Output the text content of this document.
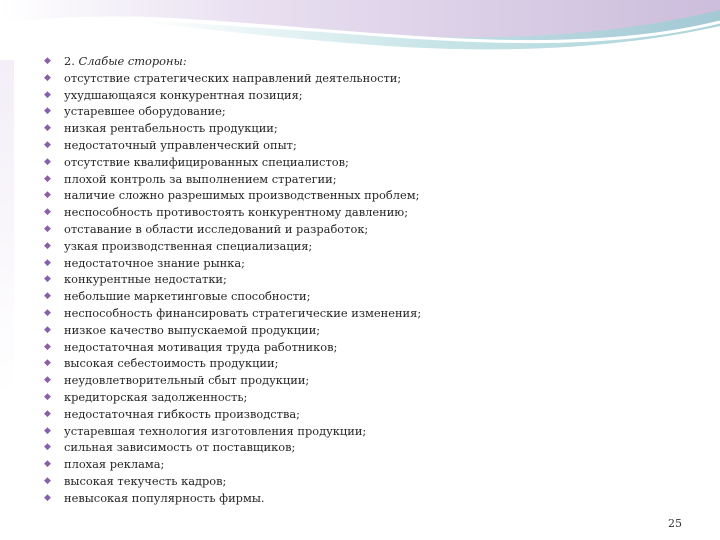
◆ 2. Слабые стороны:
◆ отсутствие стратегических направлений деятельности;
◆ ухудшающаяся конкурентная позиция;
◆ устаревшее оборудование;
◆ низкая рентабельность продукции;
◆ недостаточный управленческий опыт;
◆ отсутствие квалифицированных специалистов;
◆ плохой контроль за выполнением стратегии;
◆ наличие сложно разрешимых производственных проблем;
◆ неспособность противостоять конкурентному давлению;
◆ отставание в области исследований и разработок;
◆ узкая производственная специализация;
◆ недостаточное знание рынка;
◆ конкурентные недостатки;
◆ небольшие маркетинговые способности;
◆ неспособность финансировать стратегические изменения;
◆ низкое качество выпускаемой продукции;
◆ недостаточная мотивация труда работников;
◆ высокая себестоимость продукции;
◆ неудовлетворительный сбыт продукции;
◆ кредиторская задолженность;
◆ недостаточная гибкость производства;
◆ устаревшая технология изготовления продукции;
◆ сильная зависимость от поставщиков;
◆ плохая реклама;
◆ высокая текучесть кадров;
◆ невысокая популярность фирмы.
25
